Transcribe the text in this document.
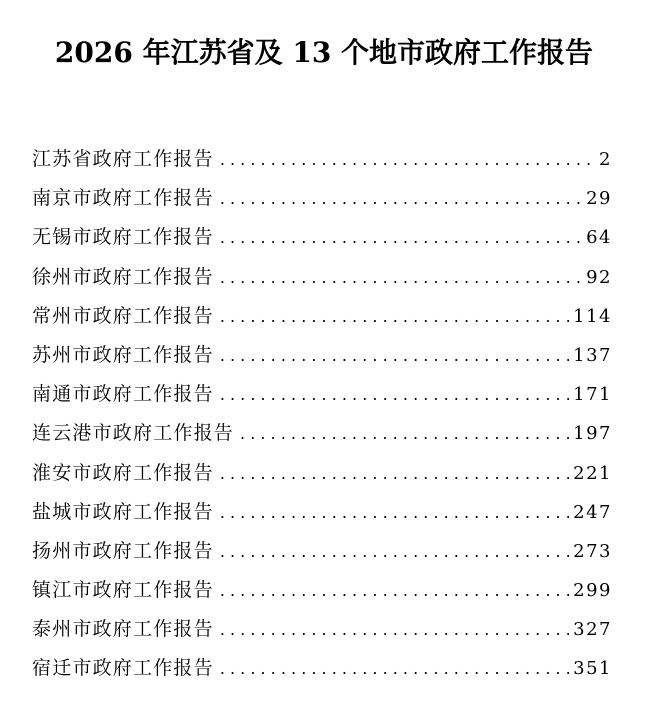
2026 年江苏省及 13 个地市政府工作报告
江苏省政府工作报告 . . .	2
南京市政府工作报告 . . .	29
无锡市政府工作报告 . . .	64
徐州市政府工作报告 . . .	92
常州市政府工作报告 . . .	114
苏州市政府工作报告 . . .	137
南通市政府工作报告 . . .	171
连云港市政府工作报告 . . .	197
淮安市政府工作报告 . . .	221
盐城市政府工作报告 . . .	247
扬州市政府工作报告 . . .	273
镇江市政府工作报告 . . .	299
泰州市政府工作报告 . . .	327
宿迁市政府工作报告 . . .	351
